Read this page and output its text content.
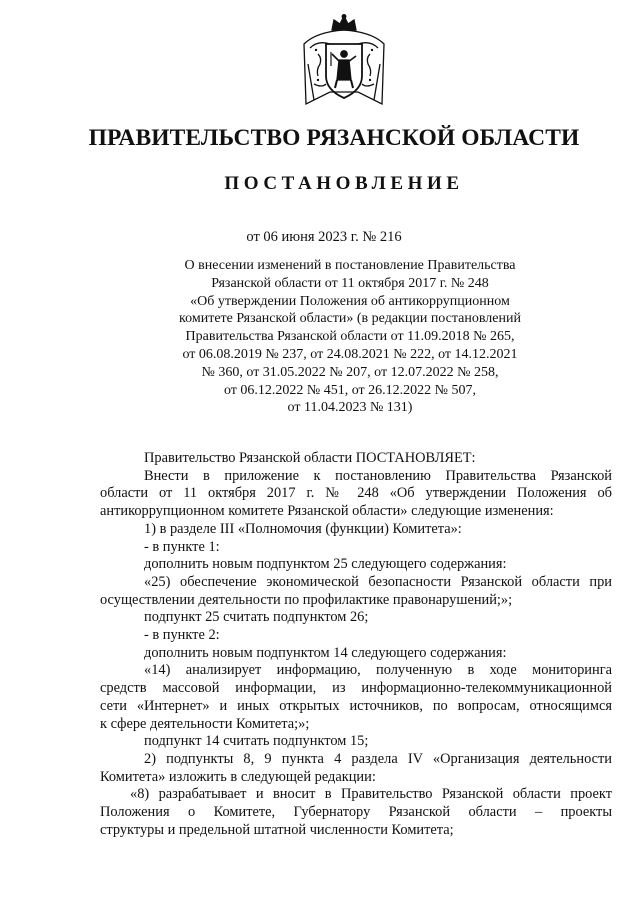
ПРАВИТЕЛЬСТВО РЯЗАНСКОЙ ОБЛАСТИ
ПОСТАНОВЛЕНИЕ
от 06 июня 2023 г. № 216
О внесении изменений в постановление Правительства
Рязанской области от 11 октября 2017 г. № 248
«Об утверждении Положения об антикоррупционном
комитете Рязанской области» (в редакции постановлений
Правительства Рязанской области от 11.09.2018 № 265,
от 06.08.2019 № 237, от 24.08.2021 № 222, от 14.12.2021
№ 360, от 31.05.2022 № 207, от 12.07.2022 № 258,
от 06.12.2022 № 451, от 26.12.2022 № 507,
от 11.04.2023 № 131)
Правительство Рязанской области ПОСТАНОВЛЯЕТ:
Внести в приложение к постановлению Правительства Рязанской
области от 11 октября 2017 г. № 248 «Об утверждении Положения об
антикоррупционном комитете Рязанской области» следующие изменения:
1) в разделе III «Полномочия (функции) Комитета»:
- в пункте 1:
дополнить новым подпунктом 25 следующего содержания:
«25) обеспечение экономической безопасности Рязанской области при
осуществлении деятельности по профилактике правонарушений;»;
подпункт 25 считать подпунктом 26;
- в пункте 2:
дополнить новым подпунктом 14 следующего содержания:
«14) анализирует информацию, полученную в ходе мониторинга
средств массовой информации, из информационно-телекоммуникационной
сети «Интернет» и иных открытых источников, по вопросам, относящимся
к сфере деятельности Комитета;»;
подпункт 14 считать подпунктом 15;
2) подпункты 8, 9 пункта 4 раздела IV «Организация деятельности
Комитета» изложить в следующей редакции:
«8) разрабатывает и вносит в Правительство Рязанской области проект
Положения о Комитете, Губернатору Рязанской области – проекты
структуры и предельной штатной численности Комитета;
